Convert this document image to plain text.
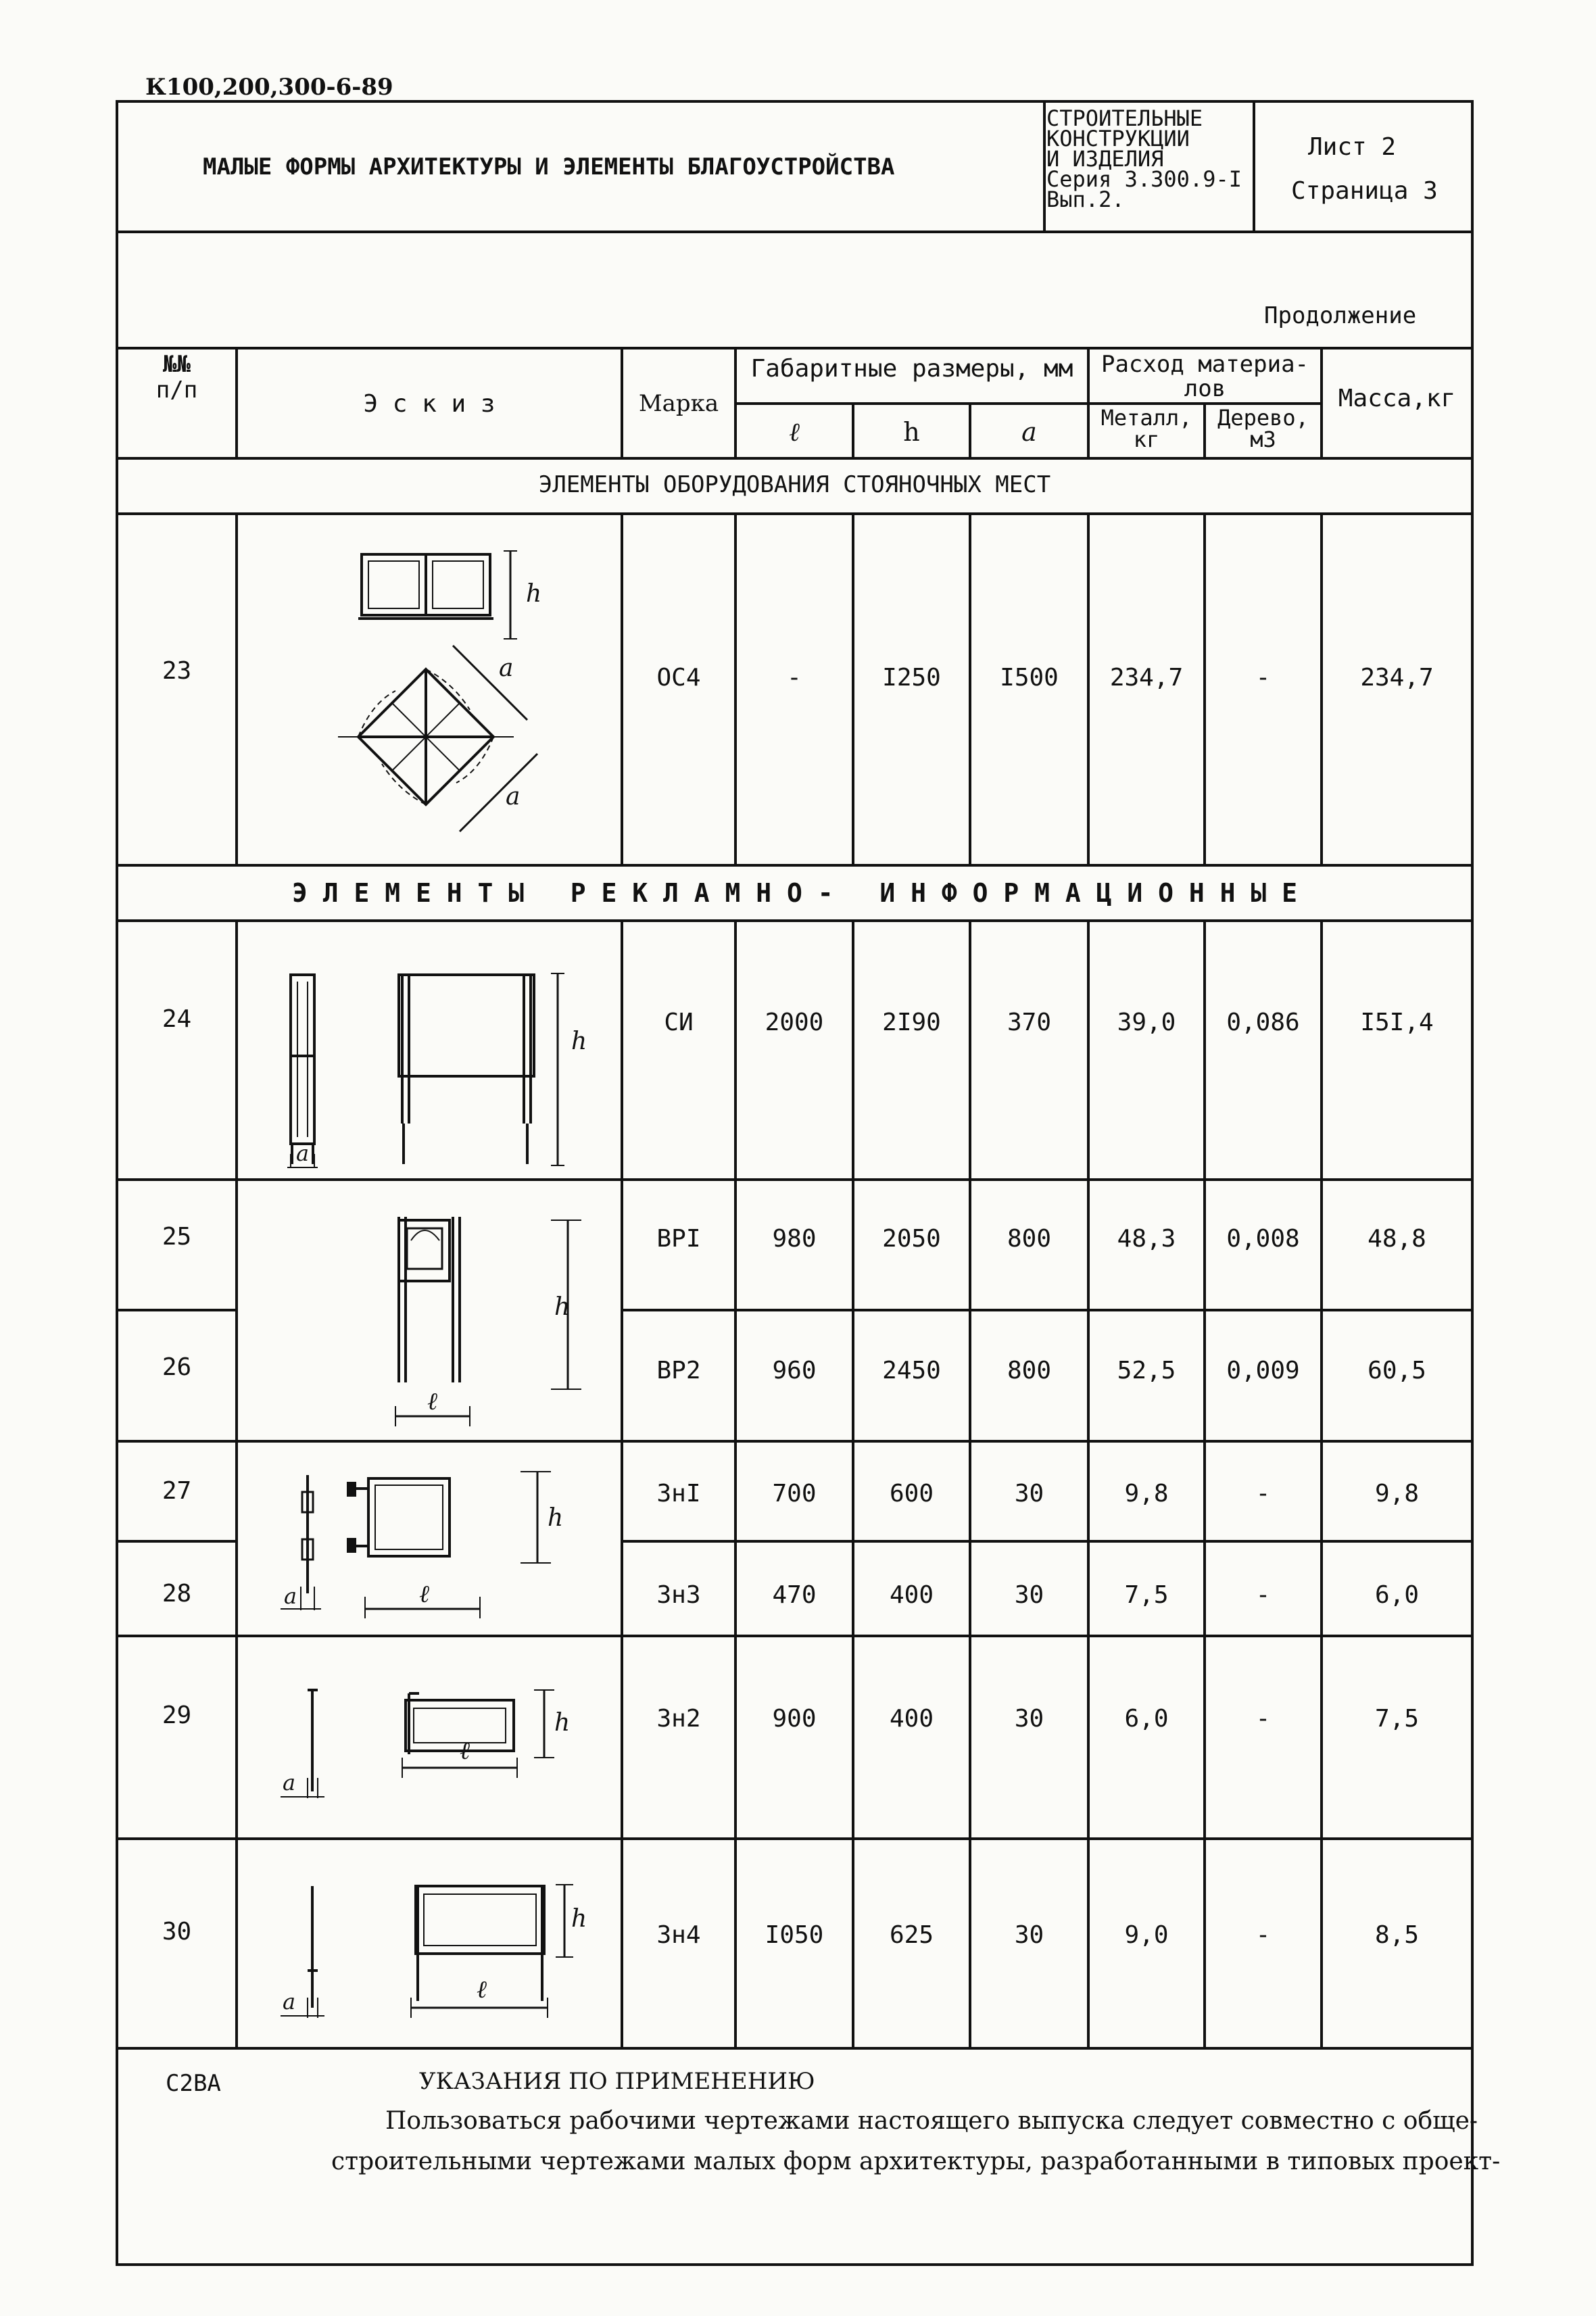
К100,200,300-6-89
МАЛЫЕ ФОРМЫ АРХИТЕКТУРЫ И ЭЛЕМЕНТЫ БЛАГОУСТРОЙСТВА
СТРОИТЕЛЬНЫЕ
КОНСТРУКЦИИ
И ИЗДЕЛИЯ
Серия 3.300.9-I
Вып.2.
Лист 2
Страница 3
Продолжение
№№
п/п	Э с к и з	Марка
Габаритные размеры, мм
ℓ	h	a
Расход материа-
лов
Металл,
кг
Дерево,
м3
Масса,кг
ЭЛЕМЕНТЫ ОБОРУДОВАНИЯ СТОЯНОЧНЫХ МЕСТ
Э Л Е М Е Н Т Ы   Р Е К Л А М Н О -   И Н Ф О Р М А Ц И О Н Н Ы Е
23	ОС4	-	I250	I500	234,7	-	234,7
24	СИ	2000	2I90	370	39,0	0,086	I5I,4
25	ВРI	980	2050	800	48,3	0,008	48,8
26	ВР2	960	2450	800	52,5	0,009	60,5
27	ЗнI	700	600	30	9,8	-	9,8
28	Зн3	470	400	30	7,5	-	6,0
29	Зн2	900	400	30	6,0	-	7,5
30	Зн4	I050	625	30	9,0	-	8,5
h
a
a
h
a
h
ℓ
h
a	ℓ
h
a
ℓ
h
a	ℓ
С2ВА	УКАЗАНИЯ ПО ПРИМЕНЕНИЮ
Пользоваться рабочими чертежами настоящего выпуска следует совместно с обще-
строительными чертежами малых форм архитектуры, разработанными в типовых проект-
